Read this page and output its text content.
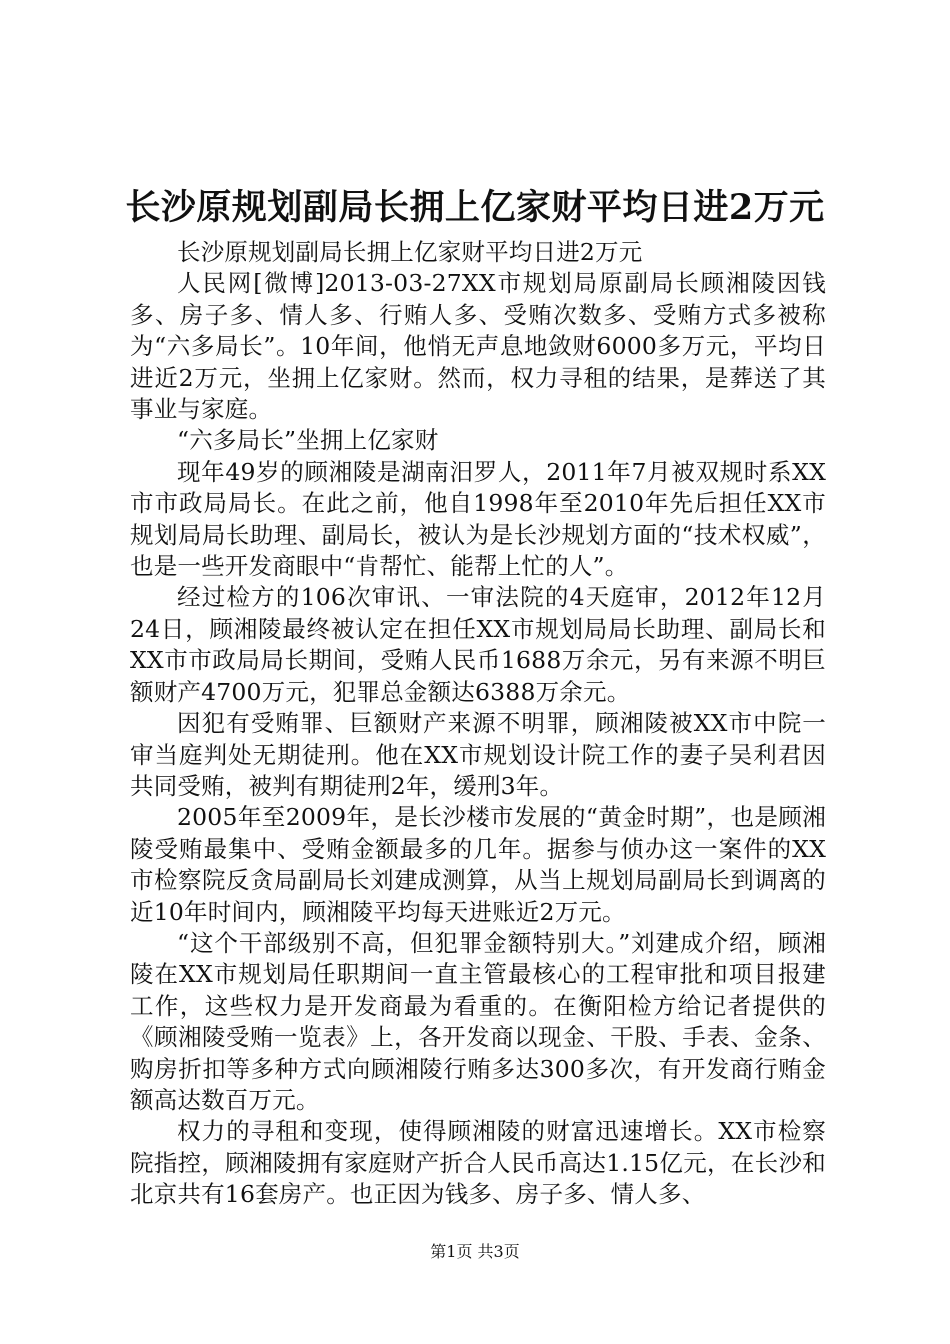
长沙原规划副局长拥上亿家财平均日进2万元

长沙原规划副局长拥上亿家财平均日进2万元

人民网[微博]2013-03-27XX市规划局原副局长顾湘陵因钱多、房子多、情人多、行贿人多、受贿次数多、受贿方式多被称为“六多局长”。10年间，他悄无声息地敛财6000多万元，平均日进近2万元，坐拥上亿家财。然而，权力寻租的结果，是葬送了其事业与家庭。

“六多局长”坐拥上亿家财

现年49岁的顾湘陵是湖南汨罗人，2011年7月被双规时系XX市市政局局长。在此之前，他自1998年至2010年先后担任XX市规划局局长助理、副局长，被认为是长沙规划方面的“技术权威”，也是一些开发商眼中“肯帮忙、能帮上忙的人”。

经过检方的106次审讯、一审法院的4天庭审，2012年12月24日，顾湘陵最终被认定在担任XX市规划局局长助理、副局长和XX市市政局局长期间，受贿人民币1688万余元，另有来源不明巨额财产4700万元，犯罪总金额达6388万余元。

因犯有受贿罪、巨额财产来源不明罪，顾湘陵被XX市中院一审当庭判处无期徒刑。他在XX市规划设计院工作的妻子吴利君因共同受贿，被判有期徒刑2年，缓刑3年。

2005年至2009年，是长沙楼市发展的“黄金时期”，也是顾湘陵受贿最集中、受贿金额最多的几年。据参与侦办这一案件的XX市检察院反贪局副局长刘建成测算，从当上规划局副局长到调离的近10年时间内，顾湘陵平均每天进账近2万元。

“这个干部级别不高，但犯罪金额特别大。”刘建成介绍，顾湘陵在XX市规划局任职期间一直主管最核心的工程审批和项目报建工作，这些权力是开发商最为看重的。在衡阳检方给记者提供的《顾湘陵受贿一览表》上，各开发商以现金、干股、手表、金条、购房折扣等多种方式向顾湘陵行贿多达300多次，有开发商行贿金额高达数百万元。

权力的寻租和变现，使得顾湘陵的财富迅速增长。XX市检察院指控，顾湘陵拥有家庭财产折合人民币高达1.15亿元，在长沙和北京共有16套房产。也正因为钱多、房子多、情人多、

第1页 共3页
